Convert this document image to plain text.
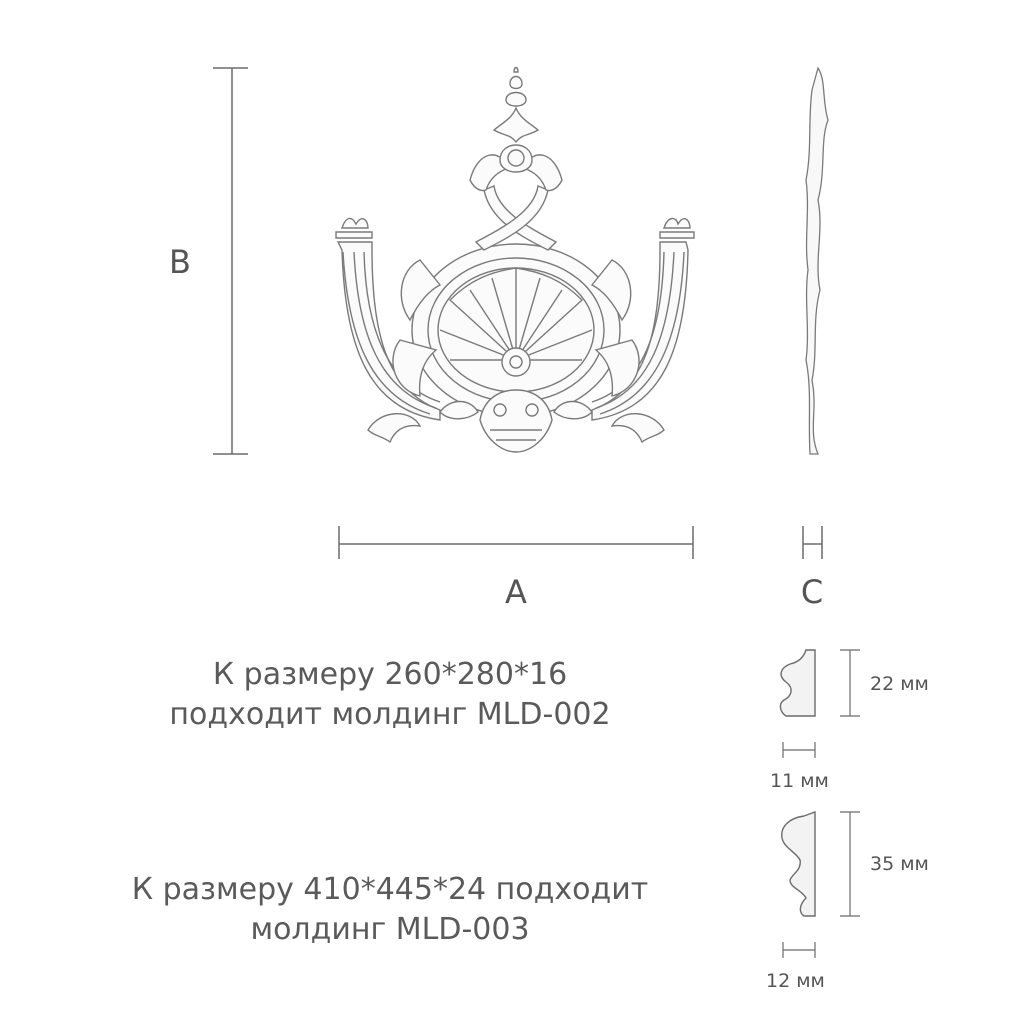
B
A	C
К размеру 260*280*16
подходит молдинг MLD-002
К размеру 410*445*24 подходит
молдинг MLD-003
22 мм
11 мм
35 мм
12 мм
